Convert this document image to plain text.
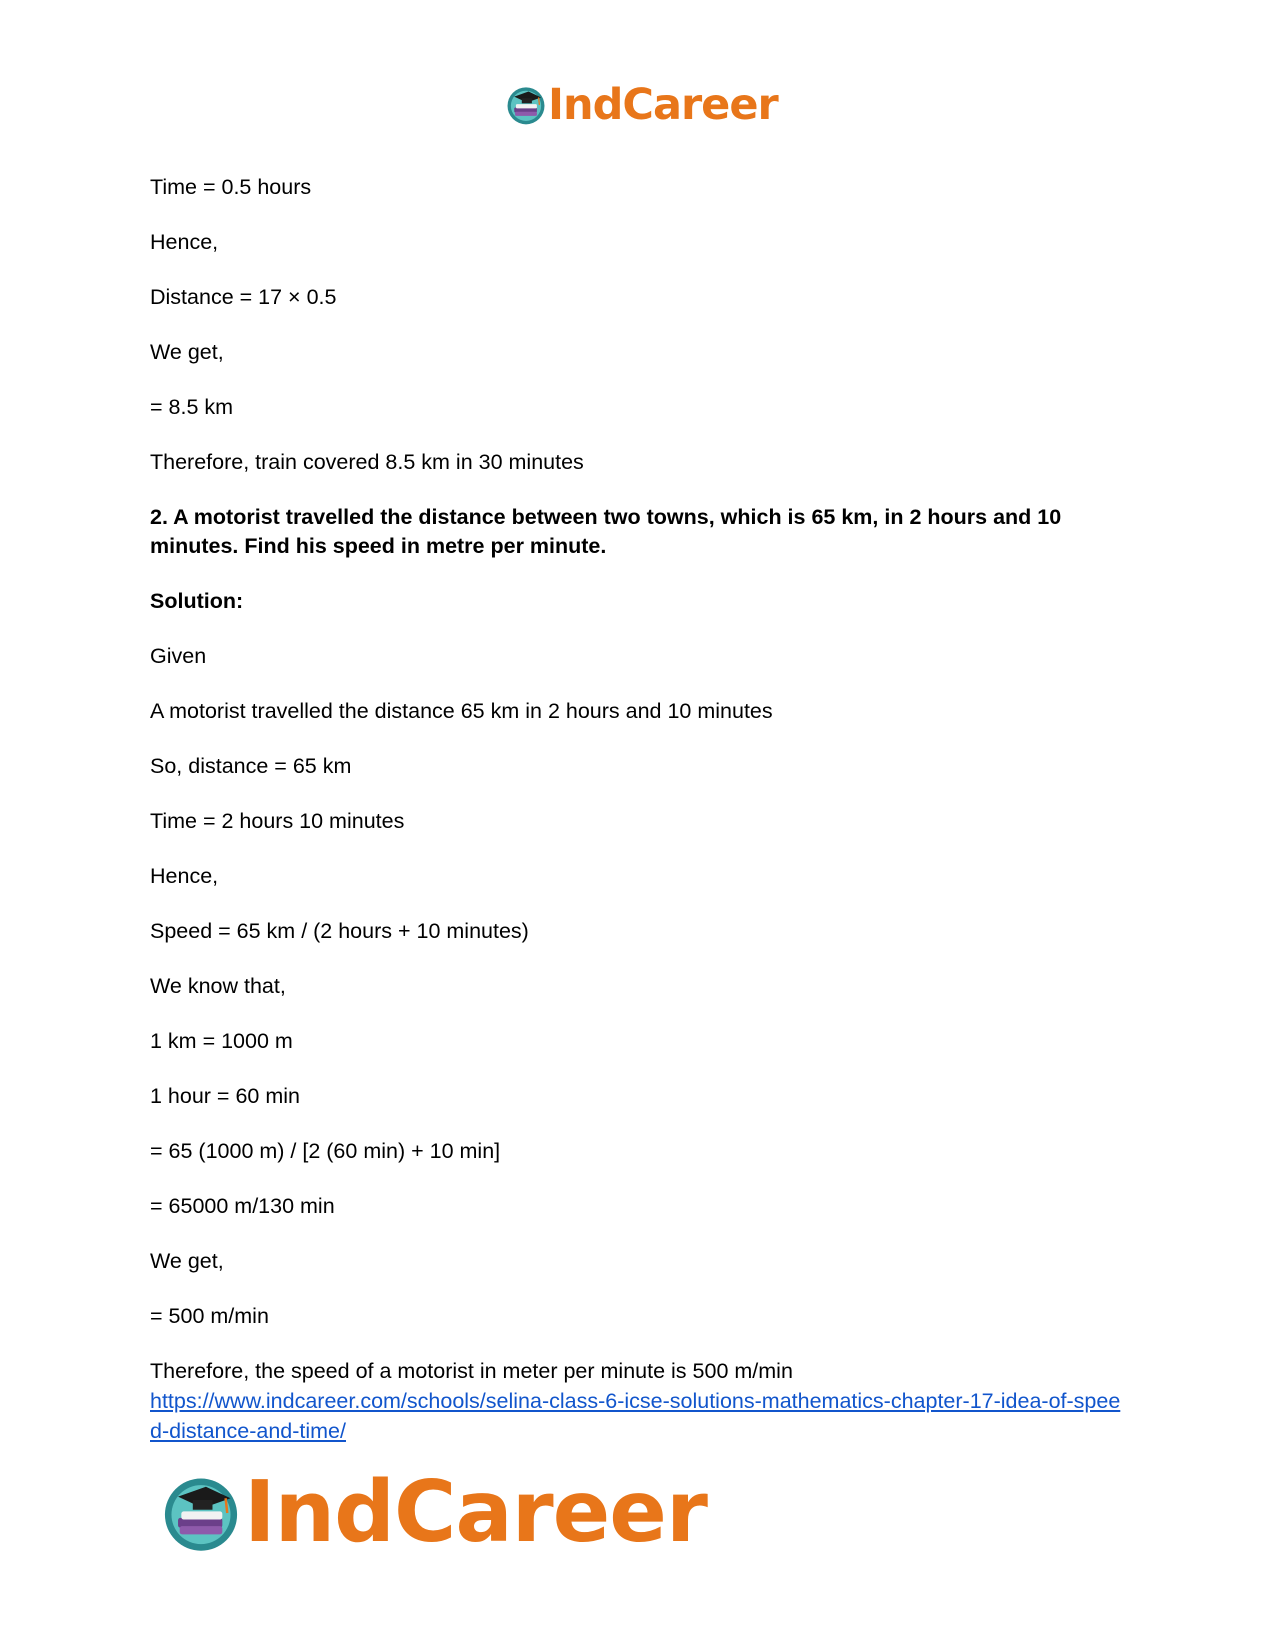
IndCareer

Time = 0.5 hours

Hence,

Distance = 17 × 0.5

We get,

= 8.5 km

Therefore, train covered 8.5 km in 30 minutes

2. A motorist travelled the distance between two towns, which is 65 km, in 2 hours and 10 minutes. Find his speed in metre per minute.

Solution:

Given

A motorist travelled the distance 65 km in 2 hours and 10 minutes

So, distance = 65 km

Time = 2 hours 10 minutes

Hence,

Speed = 65 km / (2 hours + 10 minutes)

We know that,

1 km = 1000 m

1 hour = 60 min

= 65 (1000 m) / [2 (60 min) + 10 min]

= 65000 m/130 min

We get,

= 500 m/min

Therefore, the speed of a motorist in meter per minute is 500 m/min

https://www.indcareer.com/schools/selina-class-6-icse-solutions-mathematics-chapter-17-idea-of-speed-distance-and-time/
IndCareer
